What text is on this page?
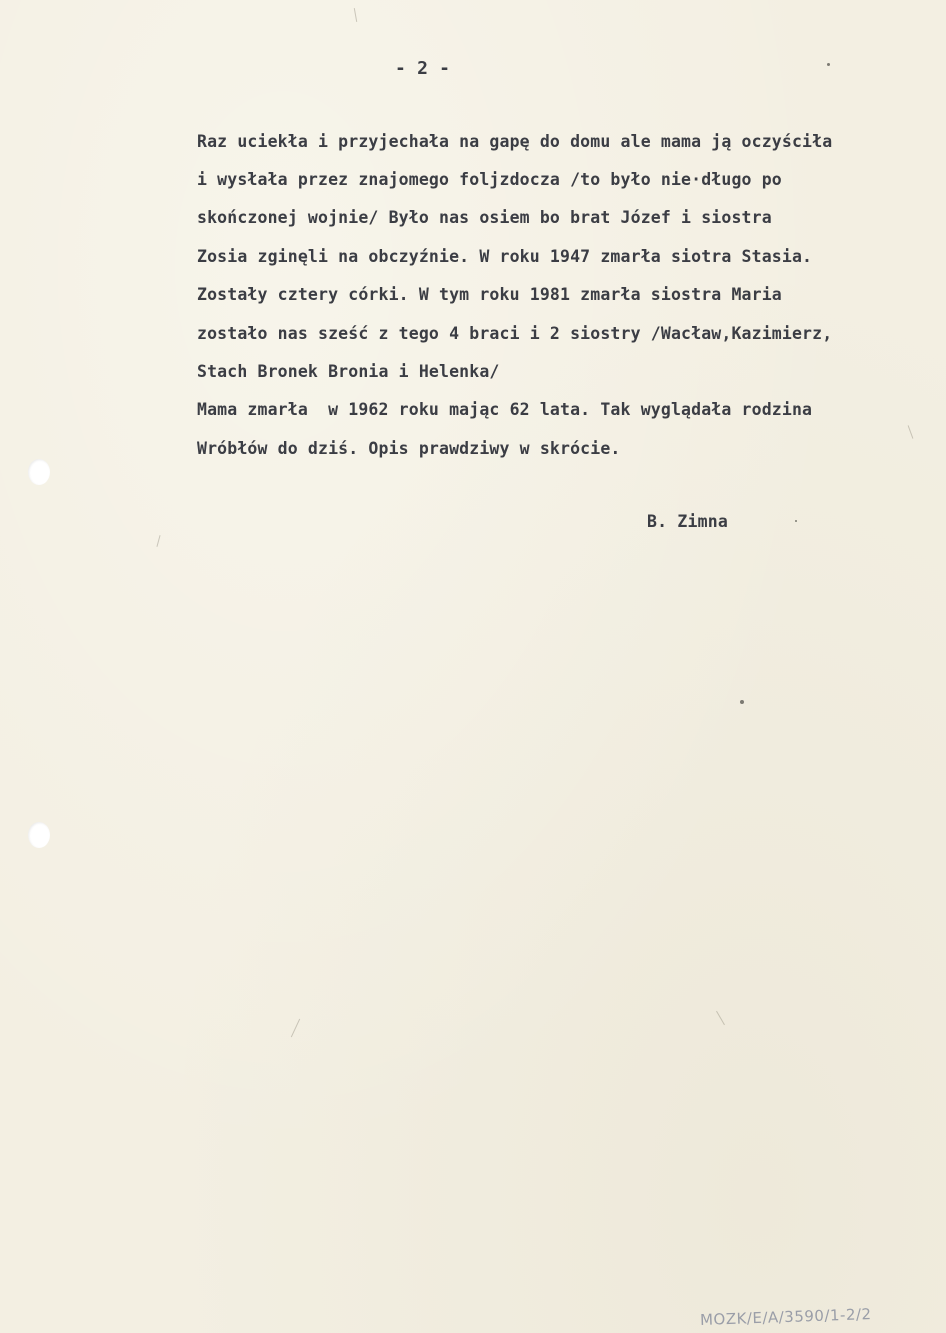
- 2 -
Raz uciekła i przyjechała na gapę do domu ale mama ją oczyściła
i wysłała przez znajomego foljzdocza /to było nie·długo po
skończonej wojnie/ Było nas osiem bo brat Józef i siostra
Zosia zginęli na obczyźnie. W roku 1947 zmarła siotra Stasia.
Zostały cztery córki. W tym roku 1981 zmarła siostra Maria
zostało nas sześć z tego 4 braci i 2 siostry /Wacław,Kazimierz,
Stach Bronek Bronia i Helenka/
Mama zmarła  w 1962 roku mając 62 lata. Tak wyglądała rodzina
Wróbłów do dziś. Opis prawdziwy w skrócie.
B. Zimna
MOZK/E/A/3590/1-2/2
